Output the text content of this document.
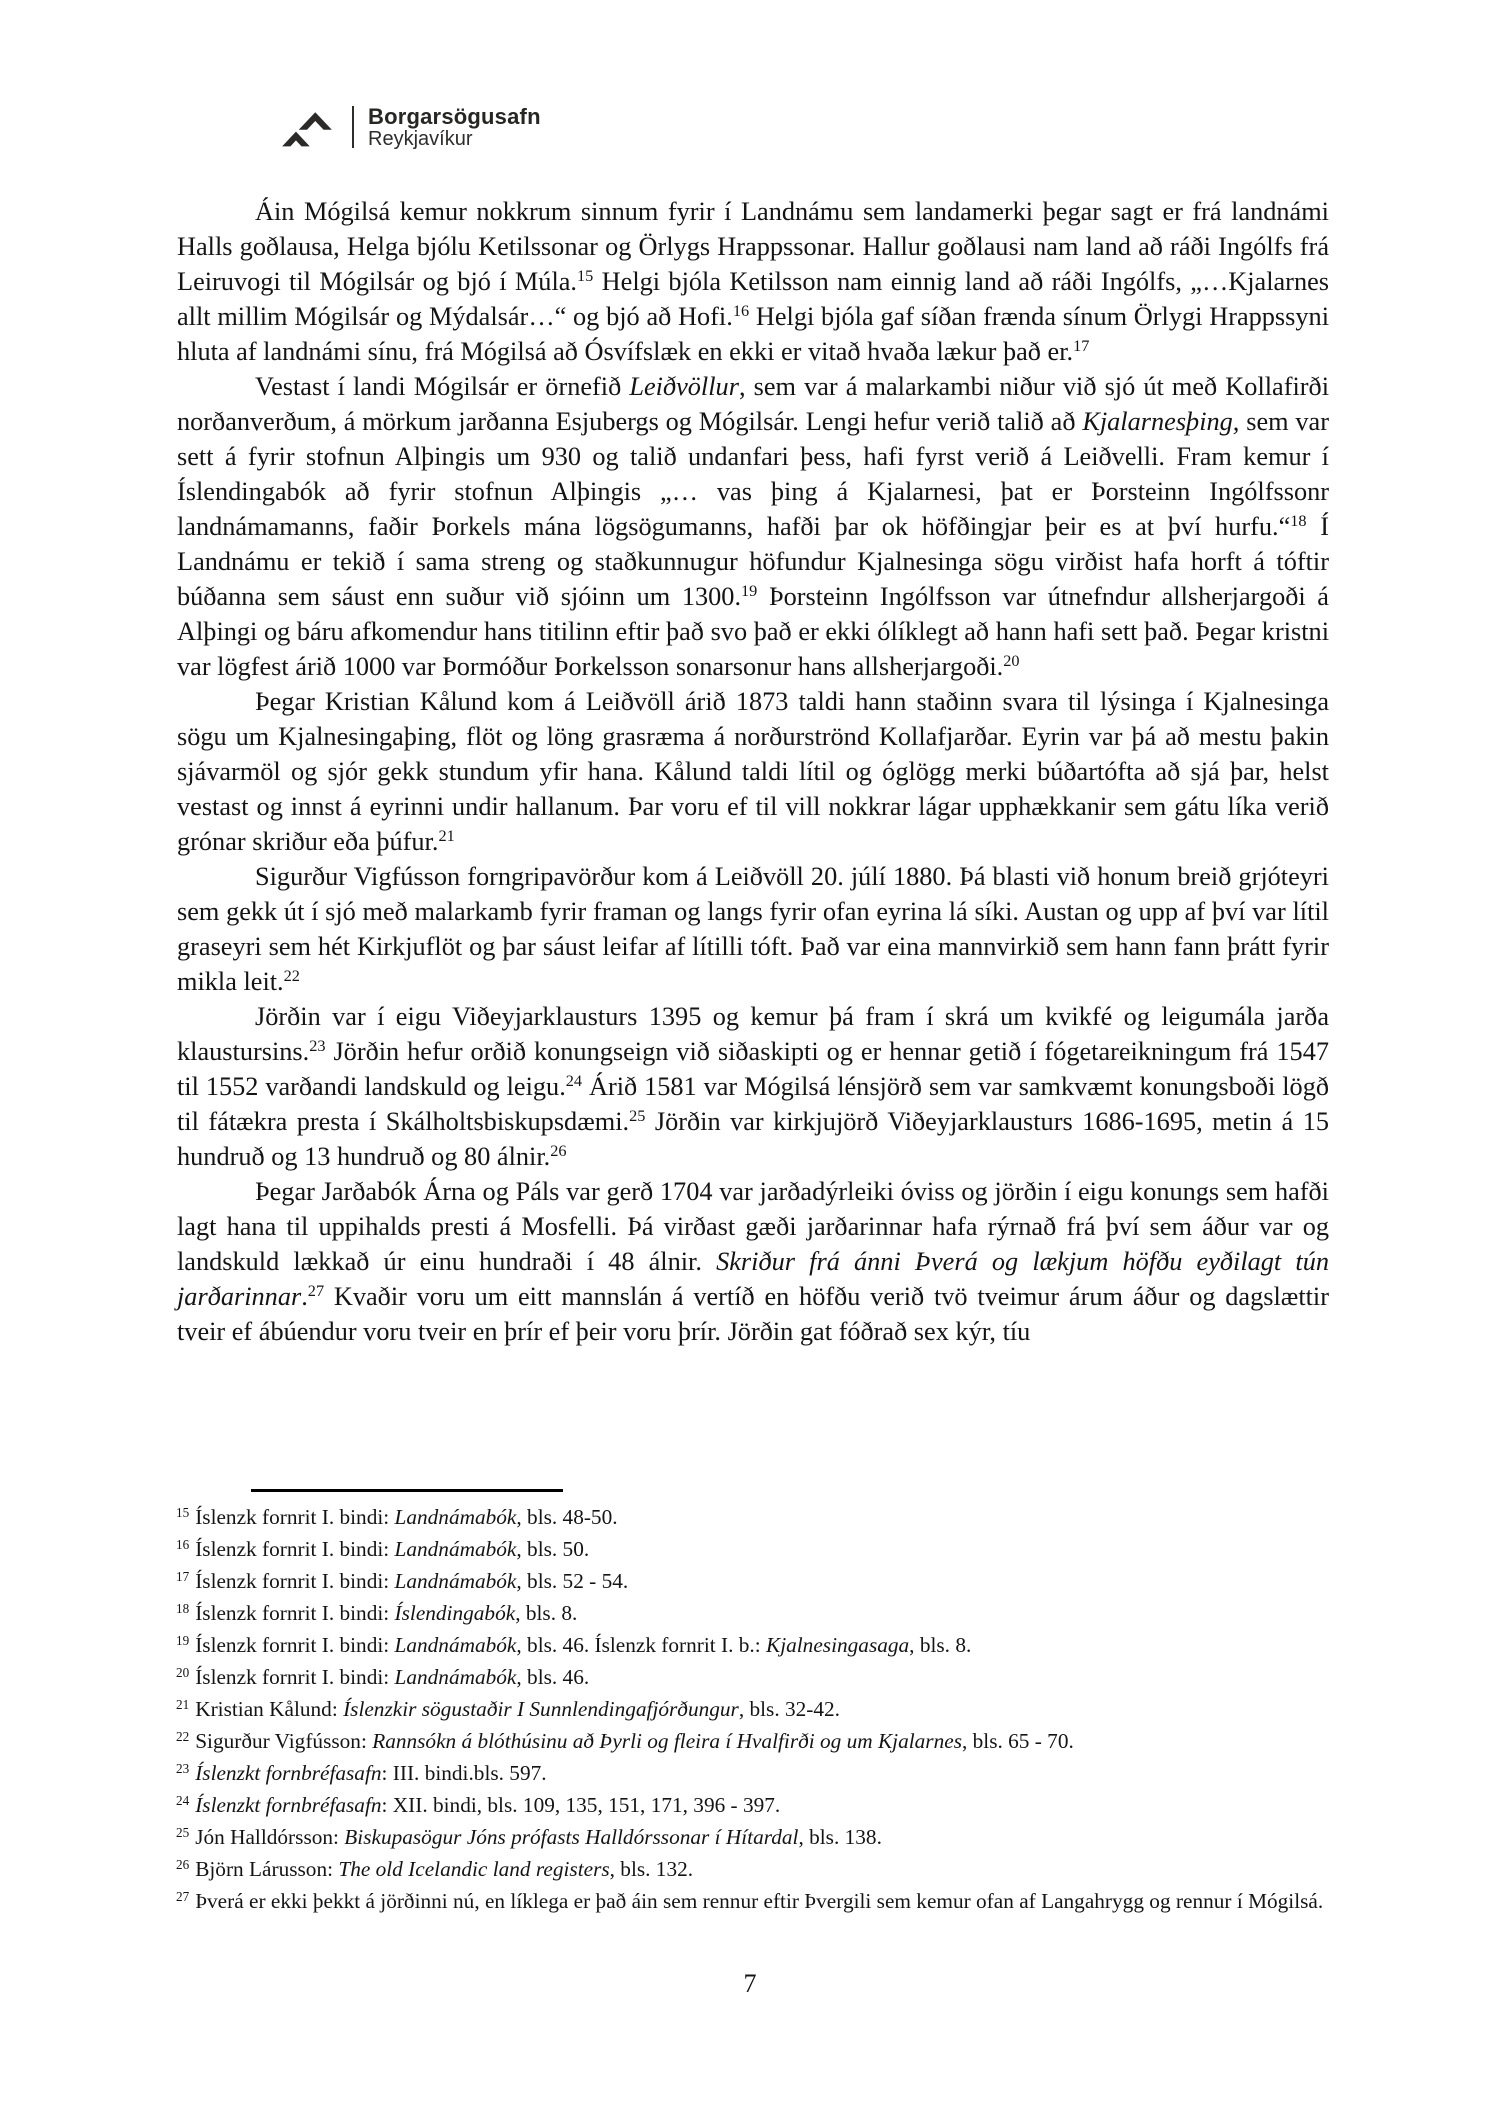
Borgarsögusafn
Reykjavíkur

Áin Mógilsá kemur nokkrum sinnum fyrir í Landnámu sem landamerki þegar sagt er frá landnámi Halls goðlausa, Helga bjólu Ketilssonar og Örlygs Hrappssonar. Hallur goðlausi nam land að ráði Ingólfs frá Leiruvogi til Mógilsár og bjó í Múla.$^{15}$ Helgi bjóla Ketilsson nam einnig land að ráði Ingólfs, „…Kjalarnes allt millim Mógilsár og Mýdalsár…“ og bjó að Hofi.$^{16}$ Helgi bjóla gaf síðan frænda sínum Örlygi Hrappssyni hluta af landnámi sínu, frá Mógilsá að Ósvífslæk en ekki er vitað hvaða lækur það er.$^{17}$

Vestast í landi Mógilsár er örnefið Leiðvöllur, sem var á malarkambi niður við sjó út með Kollafirði norðanverðum, á mörkum jarðanna Esjubergs og Mógilsár. Lengi hefur verið talið að Kjalarnesþing, sem var sett á fyrir stofnun Alþingis um 930 og talið undanfari þess, hafi fyrst verið á Leiðvelli. Fram kemur í Íslendingabók að fyrir stofnun Alþingis „… vas þing á Kjalarnesi, þat er Þorsteinn Ingólfssonr landnámamanns, faðir Þorkels mána lögsögumanns, hafði þar ok höfðingjar þeir es at því hurfu.“$^{18}$ Í Landnámu er tekið í sama streng og staðkunnugur höfundur Kjalnesinga sögu virðist hafa horft á tóftir búðanna sem sáust enn suður við sjóinn um 1300.19 Þorsteinn Ingólfsson var útnefndur allsherjargoði á Alþingi og báru afkomendur hans titilinn eftir það svo það er ekki ólíklegt að hann hafi sett það. Þegar kristni var lögfest árið 1000 var Þormóður Þorkelsson sonarsonur hans allsherjargoði.$^{20}$

Þegar Kristian Kålund kom á Leiðvöll árið 1873 taldi hann staðinn svara til lýsinga í Kjalnesinga sögu um Kjalnesingaþing, flöt og löng grasræma á norðurströnd Kollafjarðar. Eyrin var þá að mestu þakin sjávarmöl og sjór gekk stundum yfir hana. Kålund taldi lítil og óglögg merki búðartófta að sjá þar, helst vestast og innst á eyrinni undir hallanum. Þar voru ef til vill nokkrar lágar upphækkanir sem gátu líka verið grónar skriður eða þúfur.$^{21}$

Sigurður Vigfússon forngripavörður kom á Leiðvöll 20. júlí 1880. Þá blasti við honum breið grjóteyri sem gekk út í sjó með malarkamb fyrir framan og langs fyrir ofan eyrina lá síki. Austan og upp af því var lítil graseyri sem hét Kirkjuflöt og þar sáust leifar af lítilli tóft. Það var eina mannvirkið sem hann fann þrátt fyrir mikla leit.$^{22}$

Jörðin var í eigu Viðeyjarklausturs 1395 og kemur þá fram í skrá um kvikfé og leigumála jarða klaustursins.$^{23}$ Jörðin hefur orðið konungseign við siðaskipti og er hennar getið í fógetareikningum frá 1547 til 1552 varðandi landskuld og leigu.$^{24}$ Árið 1581 var Mógilsá lénsjörð sem var samkvæmt konungsboði lögð til fátækra presta í Skálholtsbiskupsdæmi.$^{25}$ Jörðin var kirkjujörð Viðeyjarklausturs 1686-1695, metin á 15 hundruð og 13 hundruð og 80 álnir.$^{26}$

Þegar Jarðabók Árna og Páls var gerð 1704 var jarðadýrleiki óviss og jörðin í eigu konungs sem hafði lagt hana til uppihalds presti á Mosfelli. Þá virðast gæði jarðarinnar hafa rýrnað frá því sem áður var og landskuld lækkað úr einu hundraði í 48 álnir. Skriður frá ánni Þverá og lækjum höfðu eyðilagt tún jarðarinnar.$^{27}$ Kvaðir voru um eitt mannslán á vertíð en höfðu verið tvö tveimur árum áður og dagslættir tveir ef ábúendur voru tveir en þrír ef þeir voru þrír. Jörðin gat fóðrað sex kýr, tíu

$^{15}$ Íslenzk fornrit I. bindi: Landnámabók, bls. 48-50.

$^{16}$ Íslenzk fornrit I. bindi: Landnámabók, bls. 50.

$^{17}$ Íslenzk fornrit I. bindi: Landnámabók, bls. 52 - 54.

$^{18}$ Íslenzk fornrit I. bindi: Íslendingabók, bls. 8.

$^{19}$ Íslenzk fornrit I. bindi: Landnámabók, bls. 46. Íslenzk fornrit I. b.: Kjalnesingasaga, bls. 8.

$^{20}$ Íslenzk fornrit I. bindi: Landnámabók, bls. 46.

$^{21}$ Kristian Kålund: Íslenzkir sögustaðir I Sunnlendingafjórðungur, bls. 32-42.

$^{22}$ Sigurður Vigfússon: Rannsókn á blóthúsinu að Þyrli og fleira í Hvalfirði og um Kjalarnes, bls. 65 - 70.

$^{23}$ Íslenzkt fornbréfasafn: III. bindi.bls. 597.

$^{24}$ Íslenzkt fornbréfasafn: XII. bindi, bls. 109, 135, 151, 171, 396 - 397.

$^{25}$ Jón Halldórsson: Biskupasögur Jóns prófasts Halldórssonar í Hítardal, bls. 138.

$^{26}$ Björn Lárusson: The old Icelandic land registers, bls. 132.

$^{27}$ Þverá er ekki þekkt á jörðinni nú, en líklega er það áin sem rennur eftir Þvergili sem kemur ofan af Langahrygg og rennur í Mógilsá.

7
